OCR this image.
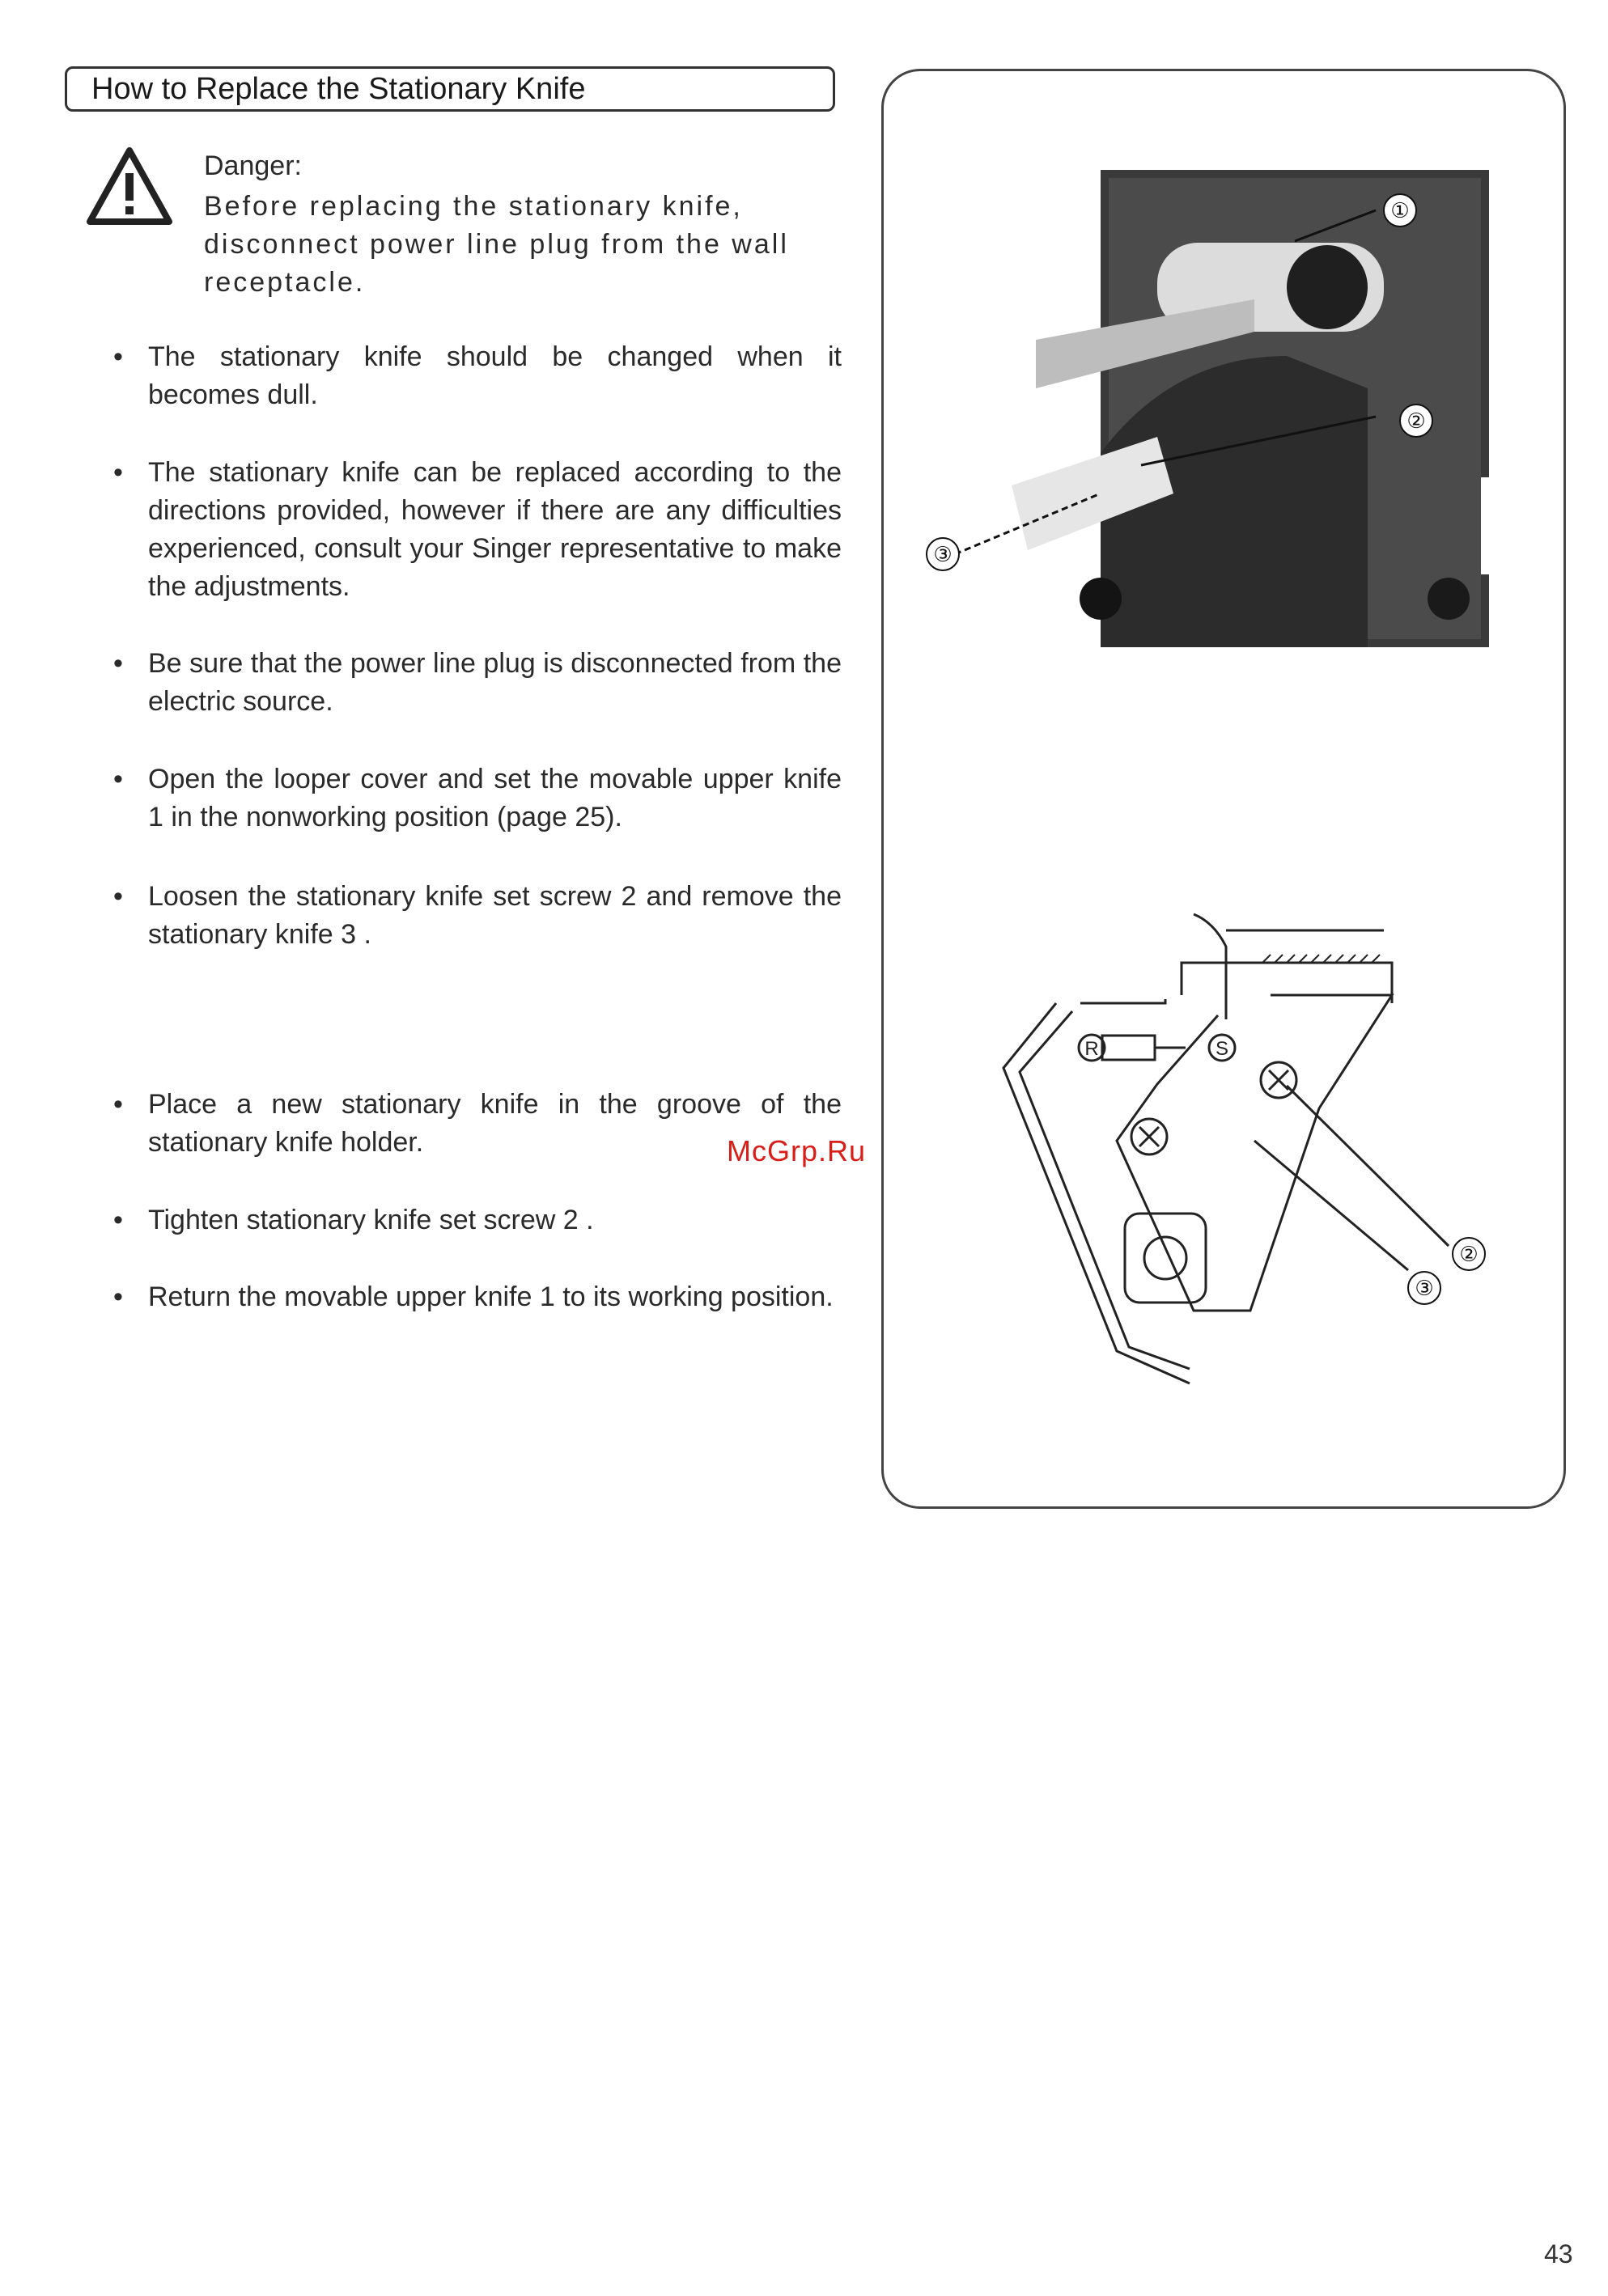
How to Replace the Stationary Knife
Danger:
Before replacing the stationary knife, disconnect power line plug from the wall receptacle.
• The stationary knife should be changed when it becomes dull.
• The stationary knife can be replaced according to the directions provided, however if there are any difficulties experienced, consult your Singer representative to make the adjustments.
• Be sure that the power line plug is disconnected from the electric source.
• Open the looper cover and set the movable upper knife 1 in the nonworking position (page 25).
• Loosen the stationary knife set screw 2 and remove the stationary knife 3 .
• Place a new stationary knife in the groove of the stationary knife holder.
• Tighten stationary knife set screw 2 .
• Return the movable upper knife 1 to its working position.
①
②
③
R	S
②
③
McGrp.Ru
43
